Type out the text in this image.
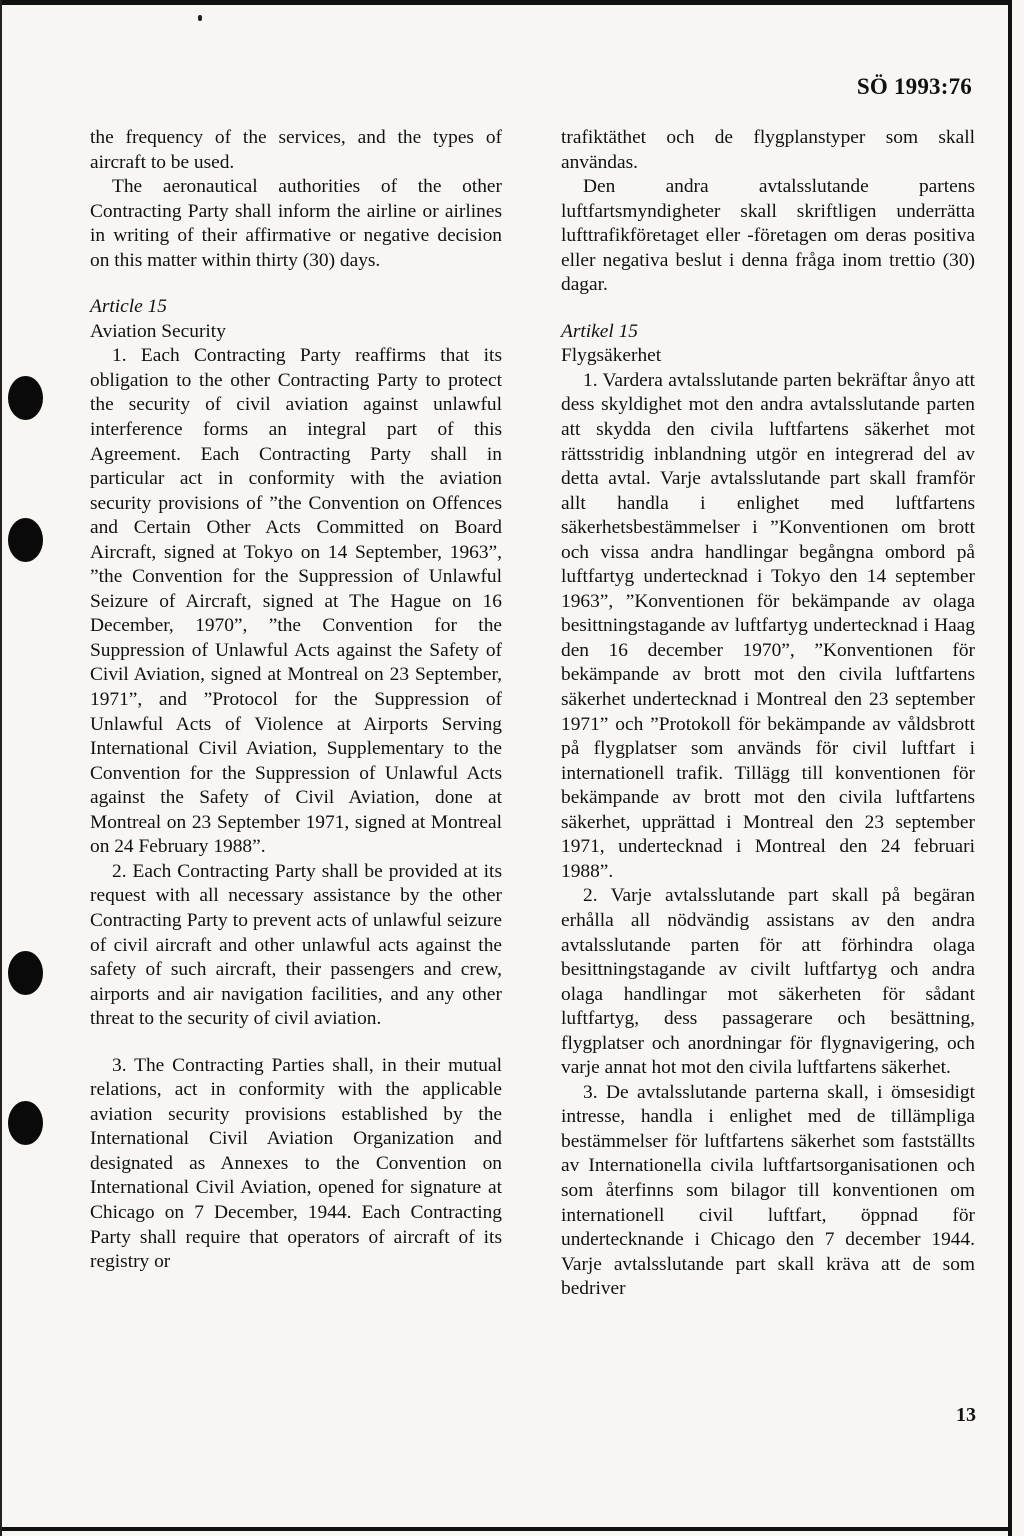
SÖ 1993:76

the frequency of the services, and the types of aircraft to be used.

The aeronautical authorities of the other Contracting Party shall inform the airline or airlines in writing of their affirmative or negative decision on this matter within thirty (30) days.

Article 15

Aviation Security

1. Each Contracting Party reaffirms that its obligation to the other Contracting Party to protect the security of civil aviation against unlawful interference forms an integral part of this Agreement. Each Contracting Party shall in particular act in conformity with the aviation security provisions of ”the Convention on Offences and Certain Other Acts Committed on Board Aircraft, signed at Tokyo on 14 September, 1963”, ”the Convention for the Suppression of Unlawful Seizure of Aircraft, signed at The Hague on 16 December, 1970”, ”the Convention for the Suppression of Unlawful Acts against the Safety of Civil Aviation, signed at Montreal on 23 September, 1971”, and ”Protocol for the Suppression of Unlawful Acts of Violence at Airports Serving International Civil Aviation, Supplementary to the Convention for the Suppression of Unlawful Acts against the Safety of Civil Aviation, done at Montreal on 23 September 1971, signed at Montreal on 24 February 1988”.

2. Each Contracting Party shall be provided at its request with all necessary assistance by the other Contracting Party to prevent acts of unlawful seizure of civil aircraft and other unlawful acts against the safety of such aircraft, their passengers and crew, airports and air navigation facilities, and any other threat to the security of civil aviation.

3. The Contracting Parties shall, in their mutual relations, act in conformity with the applicable aviation security provisions established by the International Civil Aviation Organization and designated as Annexes to the Convention on International Civil Aviation, opened for signature at Chicago on 7 December, 1944. Each Contracting Party shall require that operators of aircraft of its registry or

trafiktäthet och de flygplanstyper som skall användas.

Den andra avtalsslutande partens luftfartsmyndigheter skall skriftligen underrätta lufttrafikföretaget eller -företagen om deras positiva eller negativa beslut i denna fråga inom trettio (30) dagar.

Artikel 15

Flygsäkerhet

1. Vardera avtalsslutande parten bekräftar ånyo att dess skyldighet mot den andra avtalsslutande parten att skydda den civila luftfartens säkerhet mot rättsstridig inblandning utgör en integrerad del av detta avtal. Varje avtalsslutande part skall framför allt handla i enlighet med luftfartens säkerhetsbestämmelser i ”Konventionen om brott och vissa andra handlingar begångna ombord på luftfartyg undertecknad i Tokyo den 14 september 1963”, ”Konventionen för bekämpande av olaga besittningstagande av luftfartyg undertecknad i Haag den 16 december 1970”, ”Konventionen för bekämpande av brott mot den civila luftfartens säkerhet undertecknad i Montreal den 23 september 1971” och ”Protokoll för bekämpande av våldsbrott på flygplatser som används för civil luftfart i internationell trafik. Tillägg till konventionen för bekämpande av brott mot den civila luftfartens säkerhet, upprättad i Montreal den 23 september 1971, undertecknad i Montreal den 24 februari 1988”.

2. Varje avtalsslutande part skall på begäran erhålla all nödvändig assistans av den andra avtalsslutande parten för att förhindra olaga besittningstagande av civilt luftfartyg och andra olaga handlingar mot säkerheten för sådant luftfartyg, dess passagerare och besättning, flygplatser och anordningar för flygnavigering, och varje annat hot mot den civila luftfartens säkerhet.

3. De avtalsslutande parterna skall, i ömsesidigt intresse, handla i enlighet med de tillämpliga bestämmelser för luftfartens säkerhet som fastställts av Internationella civila luftfartsorganisationen och som återfinns som bilagor till konventionen om internationell civil luftfart, öppnad för undertecknande i Chicago den 7 december 1944. Varje avtalsslutande part skall kräva att de som bedriver

13
